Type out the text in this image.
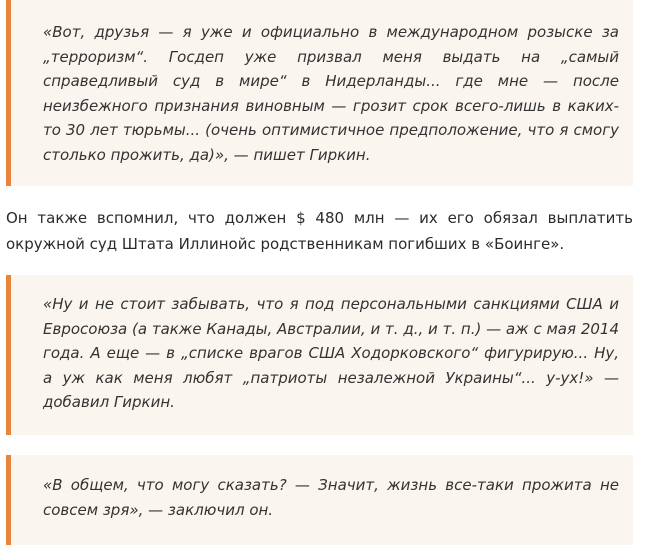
«Вот, друзья — я уже и официально в международном розыске за „терроризм“. Госдеп уже призвал меня выдать на „самый справедливый суд в мире“ в Нидерланды... где мне — после неизбежного признания виновным — грозит срок всего-лишь в каких-то 30 лет тюрьмы... (очень оптимистичное предположение, что я смогу столько прожить, да)», — пишет Гиркин.

Он также вспомнил, что должен $ 480 млн — их его обязал выплатить окружной суд Штата Иллинойс родственникам погибших в «Боинге».

«Ну и не стоит забывать, что я под персональными санкциями США и Евросоюза (а также Канады, Австралии, и т. д., и т. п.) — аж с мая 2014 года. А еще — в „списке врагов США Ходорковского“ фигурирую... Ну, а уж как меня любят „патриоты незалежной Украины“... у-ух!» — добавил Гиркин.

«В общем, что могу сказать? — Значит, жизнь все-таки прожита не совсем зря», — заключил он.
